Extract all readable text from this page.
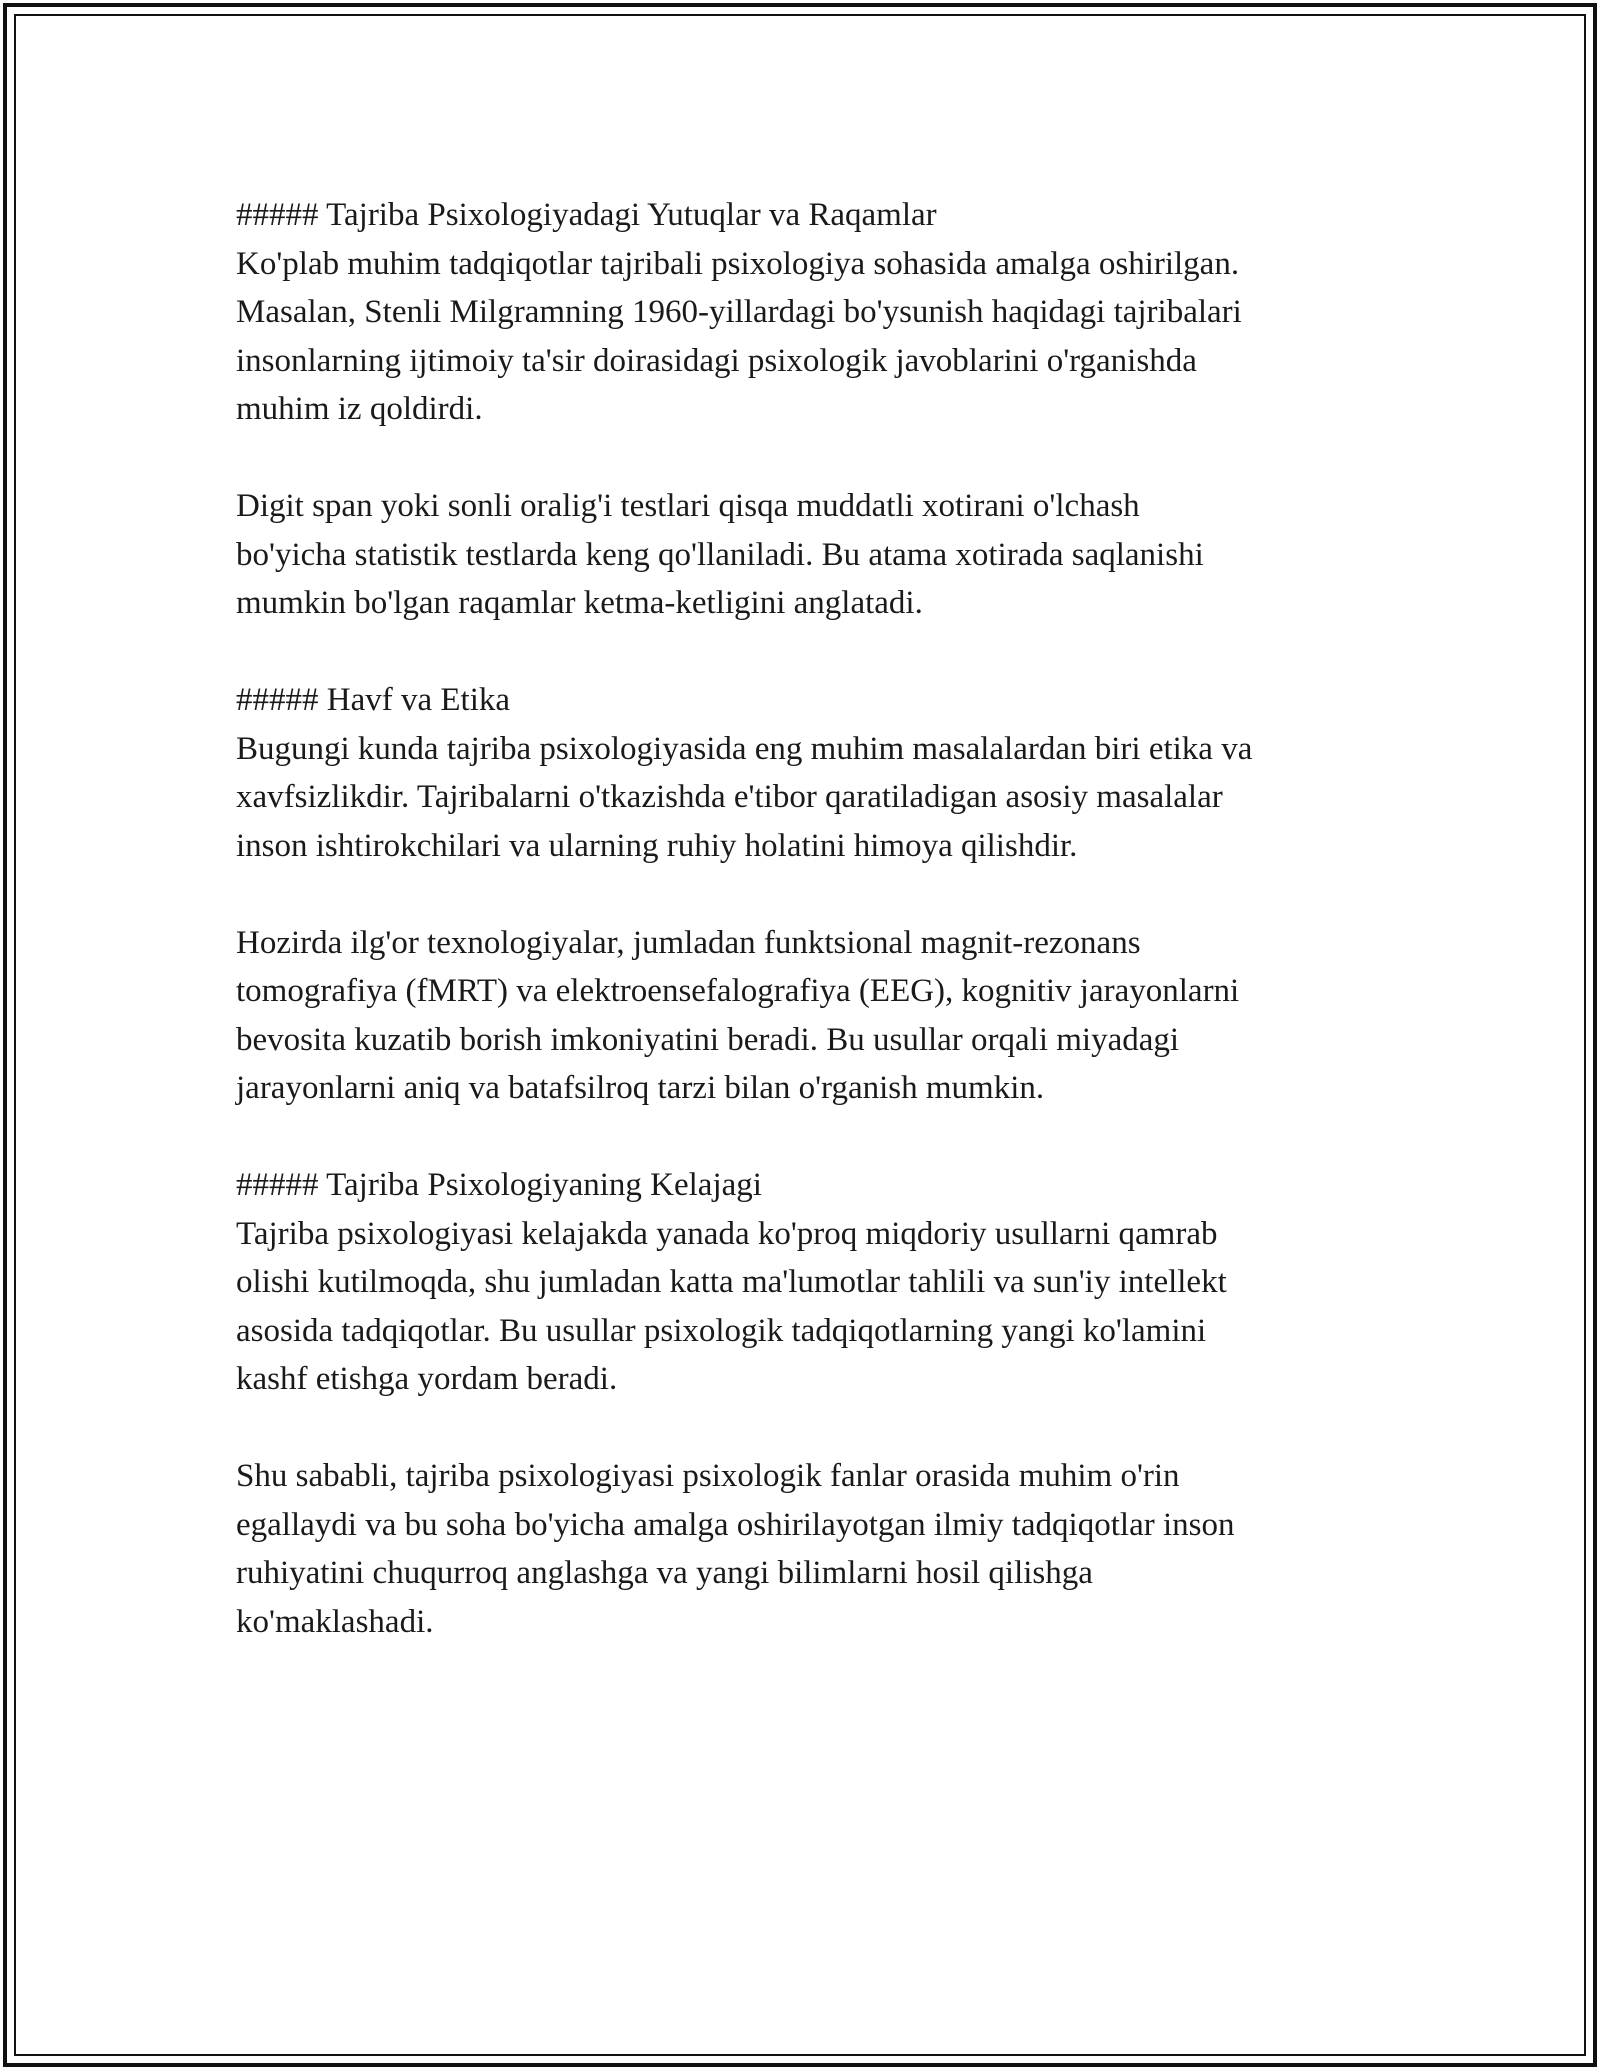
##### Tajriba Psixologiyadagi Yutuqlar va Raqamlar

Ko'plab muhim tadqiqotlar tajribali psixologiya sohasida amalga oshirilgan.
Masalan, Stenli Milgramning 1960-yillardagi bo'ysunish haqidagi tajribalari
insonlarning ijtimoiy ta'sir doirasidagi psixologik javoblarini o'rganishda
muhim iz qoldirdi.

Digit span yoki sonli oralig'i testlari qisqa muddatli xotirani o'lchash
bo'yicha statistik testlarda keng qo'llaniladi. Bu atama xotirada saqlanishi
mumkin bo'lgan raqamlar ketma-ketligini anglatadi.

##### Havf va Etika

Bugungi kunda tajriba psixologiyasida eng muhim masalalardan biri etika va
xavfsizlikdir. Tajribalarni o'tkazishda e'tibor qaratiladigan asosiy masalalar
inson ishtirokchilari va ularning ruhiy holatini himoya qilishdir.

Hozirda ilg'or texnologiyalar, jumladan funktsional magnit-rezonans
tomografiya (fMRT) va elektroensefalografiya (EEG), kognitiv jarayonlarni
bevosita kuzatib borish imkoniyatini beradi. Bu usullar orqali miyadagi
jarayonlarni aniq va batafsilroq tarzi bilan o'rganish mumkin.

##### Tajriba Psixologiyaning Kelajagi

Tajriba psixologiyasi kelajakda yanada ko'proq miqdoriy usullarni qamrab
olishi kutilmoqda, shu jumladan katta ma'lumotlar tahlili va sun'iy intellekt
asosida tadqiqotlar. Bu usullar psixologik tadqiqotlarning yangi ko'lamini
kashf etishga yordam beradi.

Shu sababli, tajriba psixologiyasi psixologik fanlar orasida muhim o'rin
egallaydi va bu soha bo'yicha amalga oshirilayotgan ilmiy tadqiqotlar inson
ruhiyatini chuqurroq anglashga va yangi bilimlarni hosil qilishga
ko'maklashadi.
